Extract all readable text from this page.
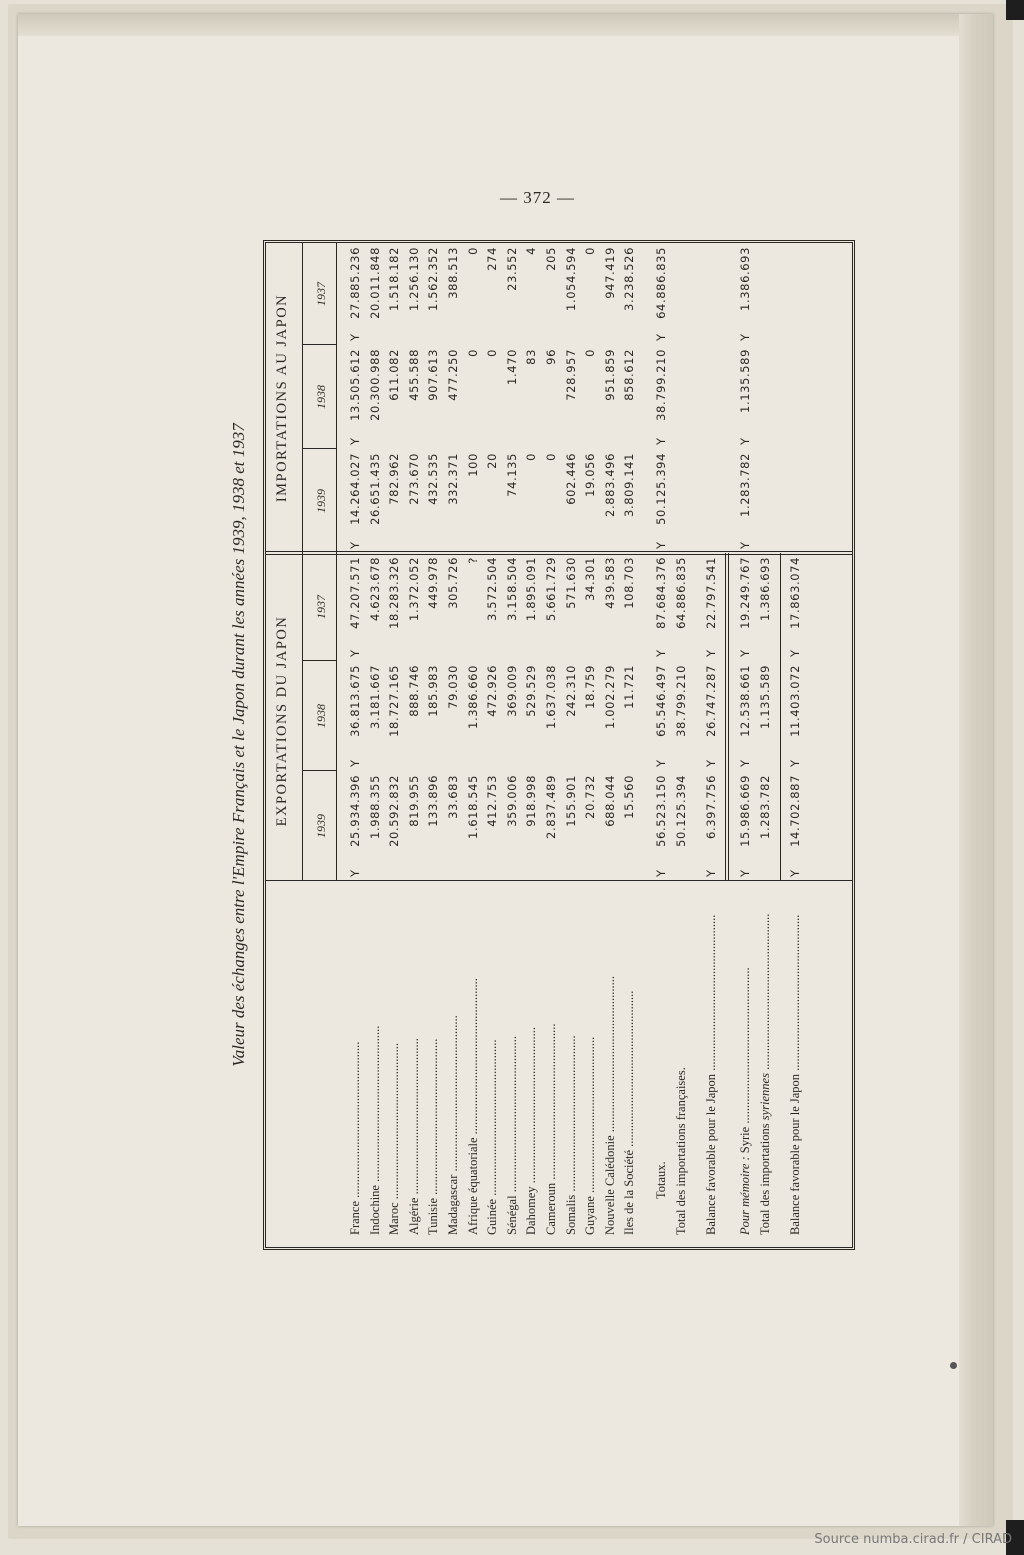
— 372 —
Source numba.cirad.fr / CIRAD
Valeur des échanges entre l'Empire Français et le Japon durant les années 1939, 1938 et 1937 EXPORTATIONS DU JAPON
IMPORTATIONS AU JAPON
1939
1938
1937
1939
1938
1937
France ..................................................
25.934.396
Y
36.813.675
Y
47.207.571
Y
14.264.027
Y
13.505.612
Y
27.885.236
Y
Indochine ..................................................
1.988.355
3.181.667
4.623.678
26.651.435
20.300.988
20.011.848
Maroc ..................................................
20.592.832
18.727.165
18.283.326
782.962
611.082
1.518.182
Algérie ..................................................
819.955
888.746
1.372.052
273.670
455.588
1.256.130
Tunisie ..................................................
133.896
185.983
449.978
432.535
907.613
1.562.352
Madagascar ..................................................
33.683
79.030
305.726
332.371
477.250
388.513
Afrique équatoriale ..................................................
1.618.545
1.386.660
?
100
0
0
Guinée ..................................................
412.753
472.926
3.572.504
20
0
274
Sénégal ..................................................
359.006
369.009
3.158.504
74.135
1.470
23.552
Dahomey ..................................................
918.998
529.529
1.895.091
0
83
4
Cameroun ..................................................
2.837.489
1.637.038
5.661.729
0
96
205
Somalis ..................................................
155.901
242.310
571.630
602.446
728.957
1.054.594
Guyane ..................................................
20.732
18.759
34.301
19.056
0
0
Nouvelle Calédonie ..................................................
688.044
1.002.279
439.583
2.883.496
951.859
947.419
Iles de la Société ..................................................
15.560
11.721
108.703
3.809.141
858.612
3.238.526
Totaux.
56.523.150
Y
65.546.497
Y
87.684.376
Y
50.125.394
Y
38.799.210
Y
64.886.835
Y
Total des importations françaises.
50.125.394
38.799.210
64.886.835
Balance favorable pour le Japon ..................................................
6.397.756
Y
26.747.287
Y
22.797.541
Y
Pour mémoire : Syrie ..................................................
15.986.669
Y
12.538.661
Y
19.249.767
Y
1.283.782
Y
1.135.589
Y
1.386.693
Y
Total des importations syriennes ..................................................
1.283.782
1.135.589
1.386.693
Balance favorable pour le Japon ..................................................
14.702.887
Y
11.403.072
Y
17.863.074
Y
